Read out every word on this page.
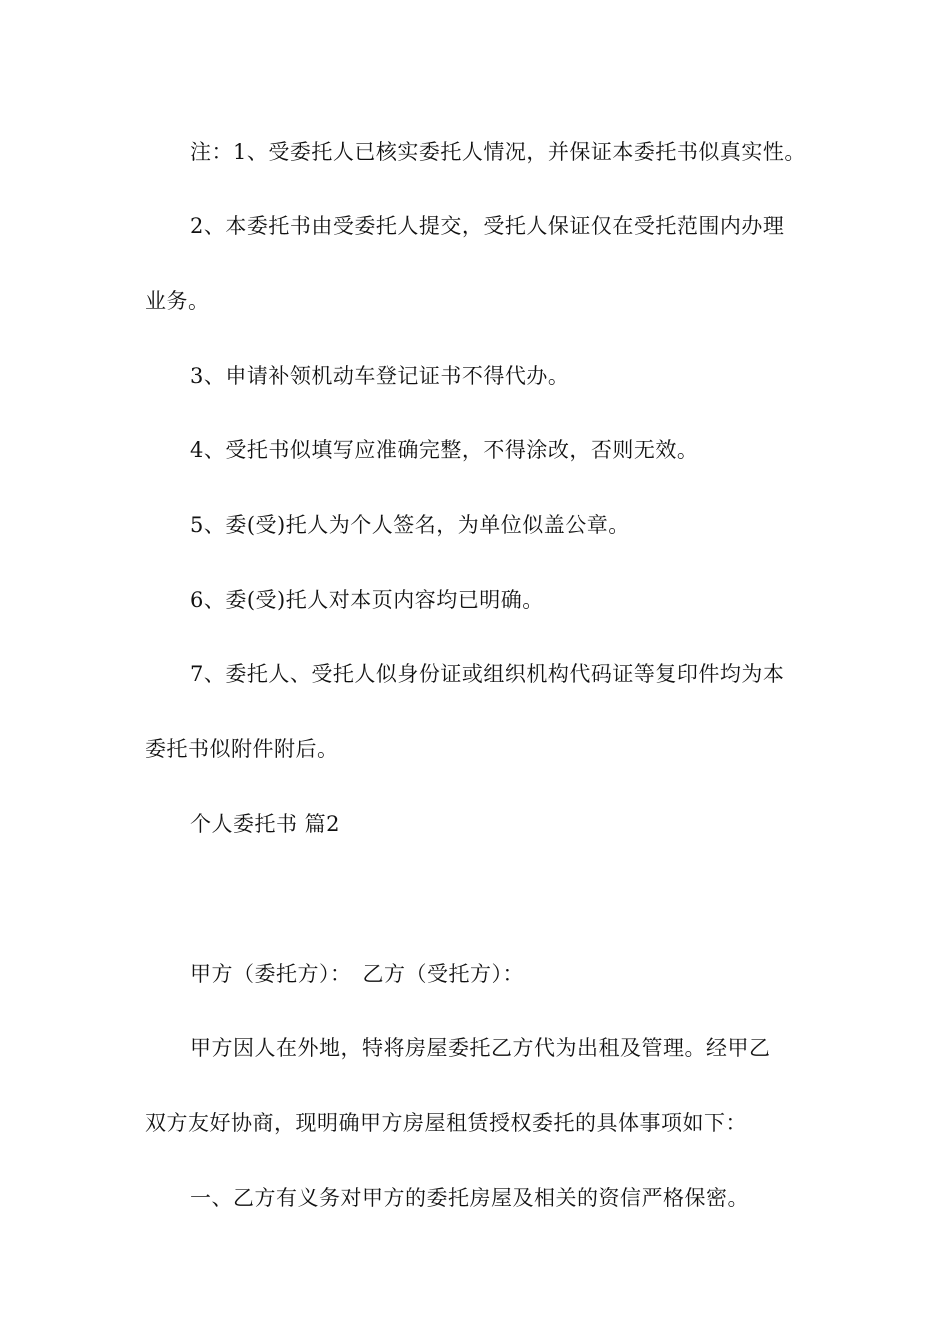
注：1、受委托人已核实委托人情况，并保证本委托书似真实性。

2、本委托书由受委托人提交，受托人保证仅在受托范围内办理

业务。

3、申请补领机动车登记证书不得代办。

4、受托书似填写应准确完整，不得涂改，否则无效。

5、委(受)托人为个人签名，为单位似盖公章。

6、委(受)托人对本页内容均已明确。

7、委托人、受托人似身份证或组织机构代码证等复印件均为本

委托书似附件附后。

个人委托书 篇2

甲方（委托方）：　乙方（受托方）：

甲方因人在外地，特将房屋委托乙方代为出租及管理。经甲乙

双方友好协商，现明确甲方房屋租赁授权委托的具体事项如下：

一、乙方有义务对甲方的委托房屋及相关的资信严格保密。
